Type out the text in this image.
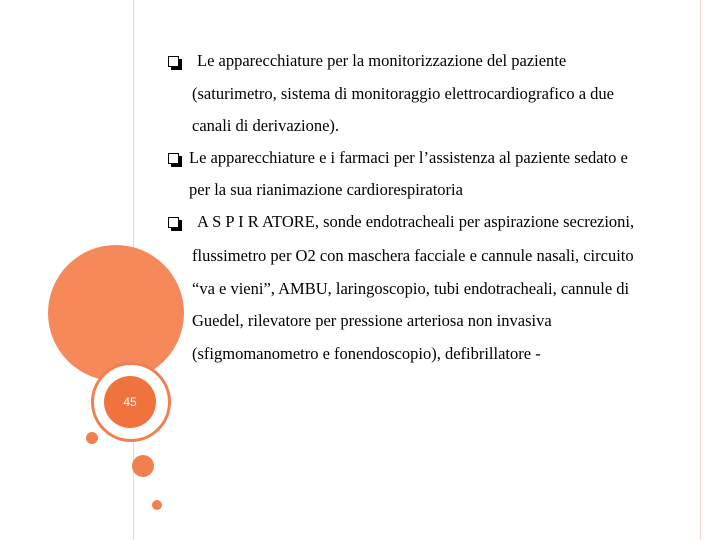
45
Le apparecchiature per la monitorizzazione del paziente
(saturimetro, sistema di monitoraggio elettrocardiografico a due
canali di derivazione).
Le apparecchiature e i farmaci per l’assistenza al paziente sedato e
per la sua rianimazione cardiorespiratoria
A S P I R ATORE, sonde endotracheali per aspirazione secrezioni,
flussimetro per O2 con maschera facciale e cannule nasali, circuito
“va e vieni”, AMBU, laringoscopio, tubi endotracheali, cannule di
Guedel, rilevatore per pressione arteriosa non invasiva
(sfigmomanometro e fonendoscopio), defibrillatore -
